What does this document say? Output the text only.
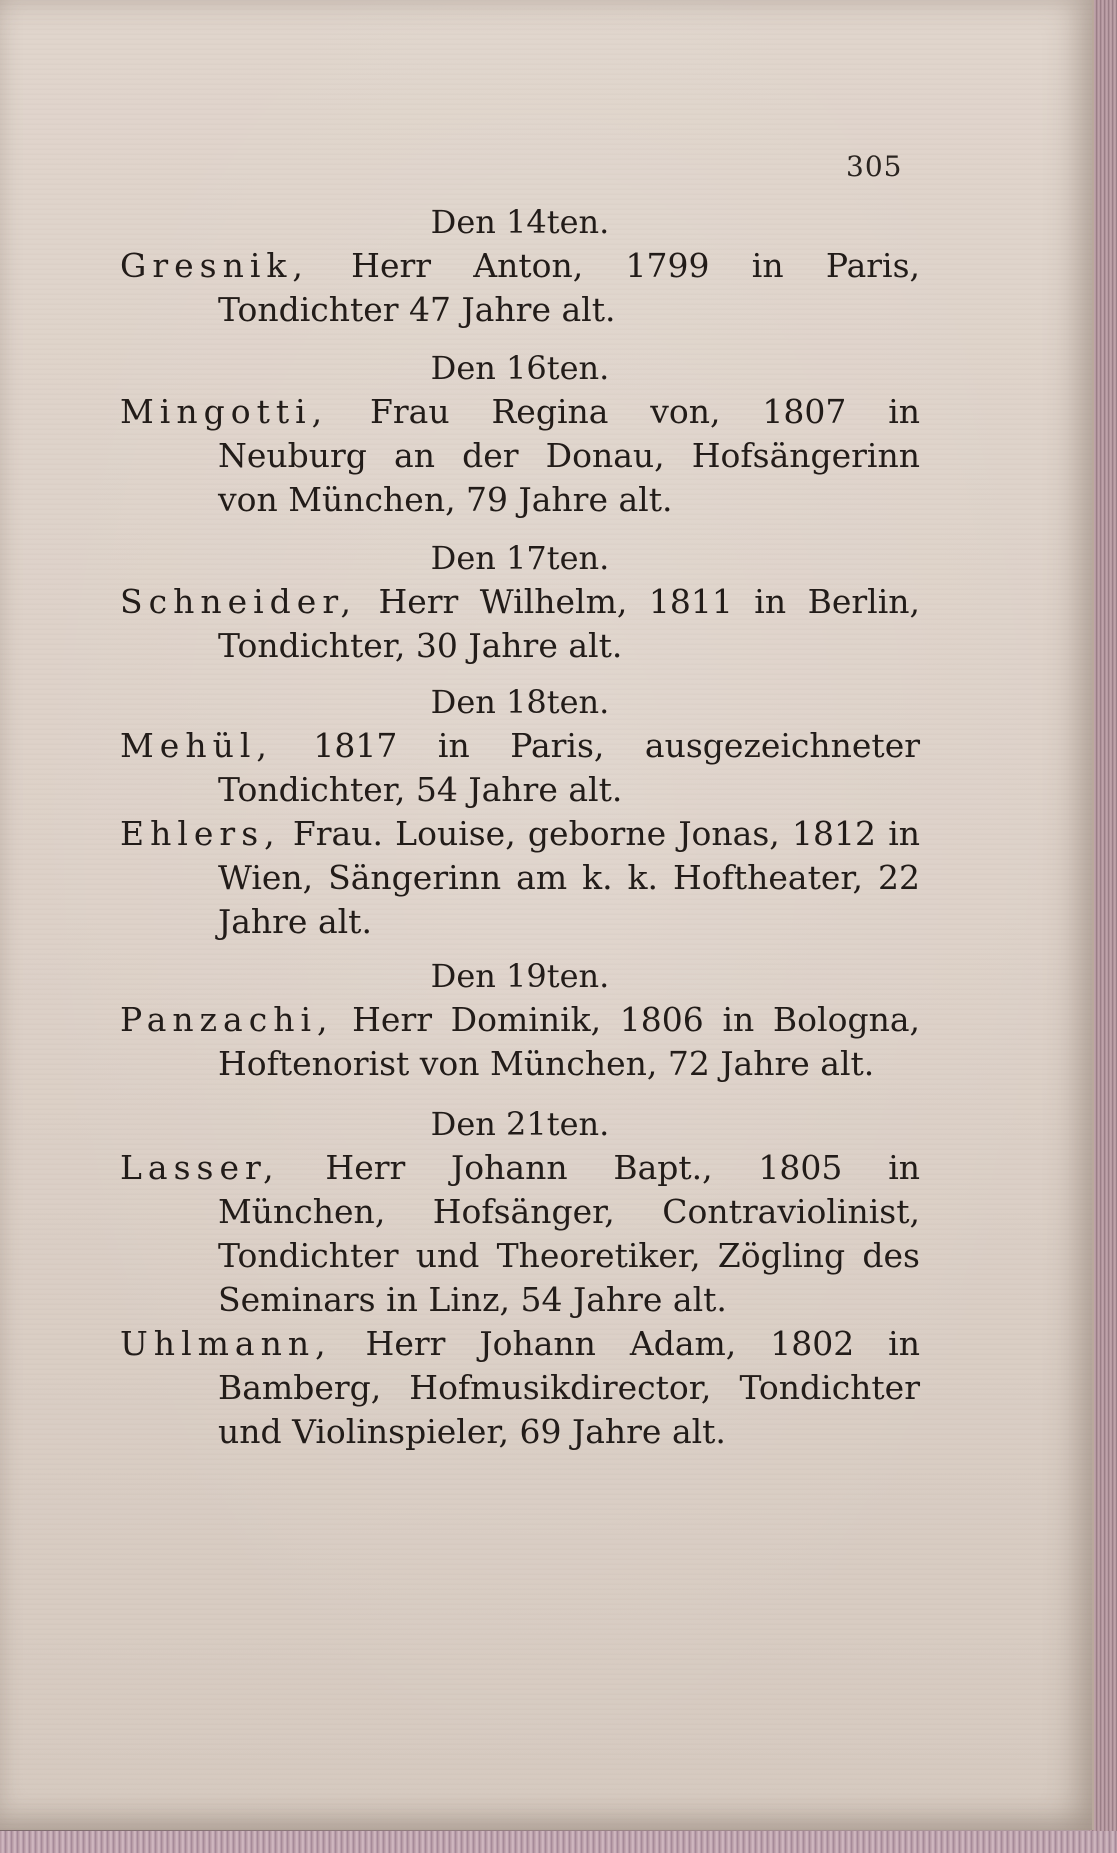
305

Den 14ten.

Gresnik, Herr Anton, 1799 in Paris, Tondichter 47 Jahre alt.

Den 16ten.

Mingotti, Frau Regina von, 1807 in Neuburg an der Donau, Hofsängerinn von München, 79 Jahre alt.

Den 17ten.

Schneider, Herr Wilhelm, 1811 in Berlin, Tondichter, 30 Jahre alt.

Den 18ten.

Mehül, 1817 in Paris, ausgezeichneter Tondichter, 54 Jahre alt.

Ehlers, Frau. Louise, geborne Jonas, 1812 in Wien, Sängerinn am k. k. Hoftheater, 22 Jahre alt.

Den 19ten.

Panzachi, Herr Dominik, 1806 in Bologna, Hoftenorist von München, 72 Jahre alt.

Den 21ten.

Lasser, Herr Johann Bapt., 1805 in München, Hofsänger, Contraviolinist, Tondichter und Theoretiker, Zögling des Seminars in Linz, 54 Jahre alt.

Uhlmann, Herr Johann Adam, 1802 in Bamberg, Hofmusikdirector, Tondichter und Violinspieler, 69 Jahre alt.
